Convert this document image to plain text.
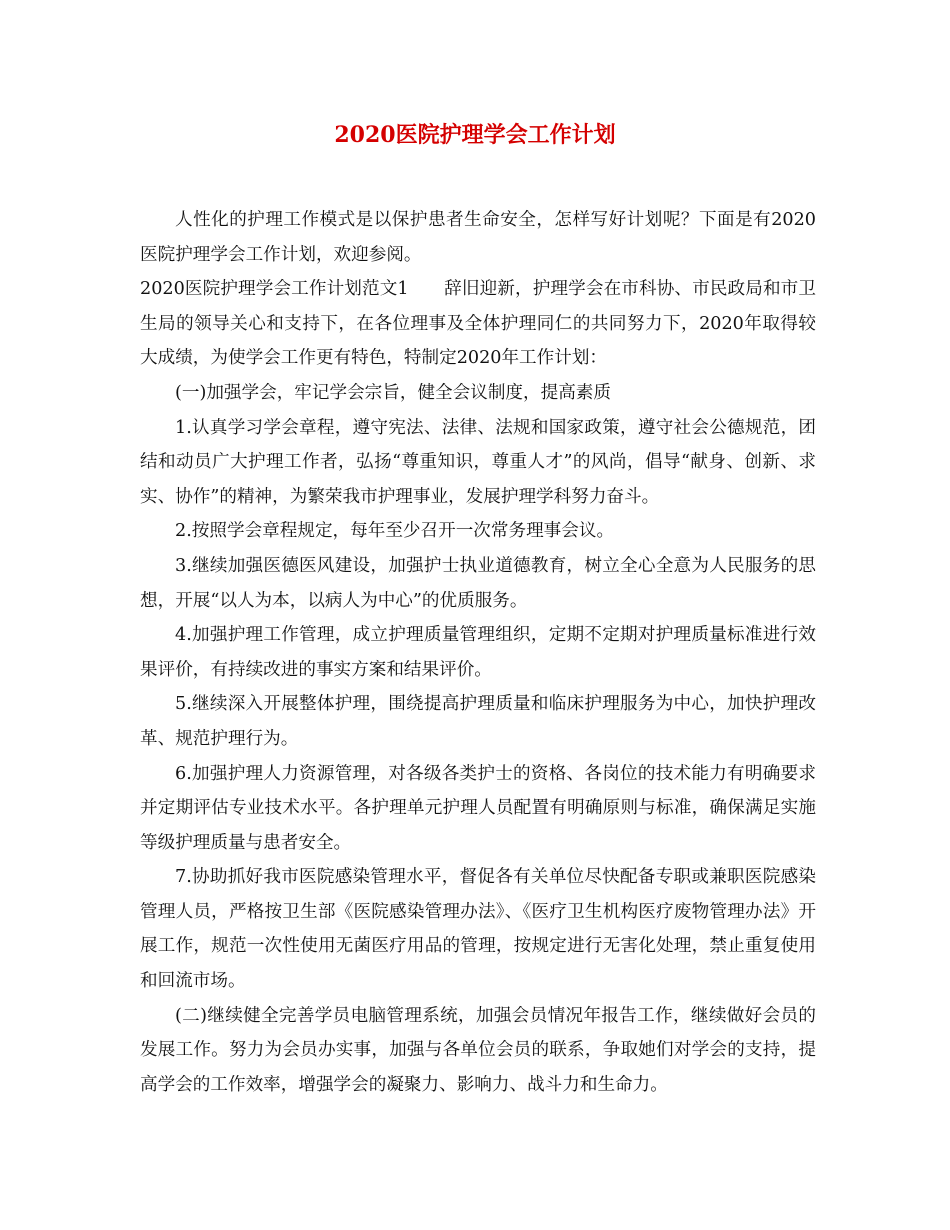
2020医院护理学会工作计划

人性化的护理工作模式是以保护患者生命安全，怎样写好计划呢？下面是有2020医院护理学会工作计划，欢迎参阅。

2020医院护理学会工作计划范文1　　辞旧迎新，护理学会在市科协、市民政局和市卫生局的领导关心和支持下，在各位理事及全体护理同仁的共同努力下，2020年取得较大成绩，为使学会工作更有特色，特制定2020年工作计划：

(一)加强学会，牢记学会宗旨，健全会议制度，提高素质

1.认真学习学会章程，遵守宪法、法律、法规和国家政策，遵守社会公德规范，团结和动员广大护理工作者，弘扬“尊重知识，尊重人才”的风尚，倡导“献身、创新、求实、协作”的精神，为繁荣我市护理事业，发展护理学科努力奋斗。

2.按照学会章程规定，每年至少召开一次常务理事会议。

3.继续加强医德医风建设，加强护士执业道德教育，树立全心全意为人民服务的思想，开展“以人为本，以病人为中心”的优质服务。

4.加强护理工作管理，成立护理质量管理组织，定期不定期对护理质量标准进行效果评价，有持续改进的事实方案和结果评价。

5.继续深入开展整体护理，围绕提高护理质量和临床护理服务为中心，加快护理改革、规范护理行为。

6.加强护理人力资源管理，对各级各类护士的资格、各岗位的技术能力有明确要求并定期评估专业技术水平。各护理单元护理人员配置有明确原则与标准，确保满足实施等级护理质量与患者安全。

7.协助抓好我市医院感染管理水平，督促各有关单位尽快配备专职或兼职医院感染管理人员，严格按卫生部《医院感染管理办法》、《医疗卫生机构医疗废物管理办法》开展工作，规范一次性使用无菌医疗用品的管理，按规定进行无害化处理，禁止重复使用和回流市场。

(二)继续健全完善学员电脑管理系统，加强会员情况年报告工作，继续做好会员的发展工作。努力为会员办实事，加强与各单位会员的联系，争取她们对学会的支持，提高学会的工作效率，增强学会的凝聚力、影响力、战斗力和生命力。
